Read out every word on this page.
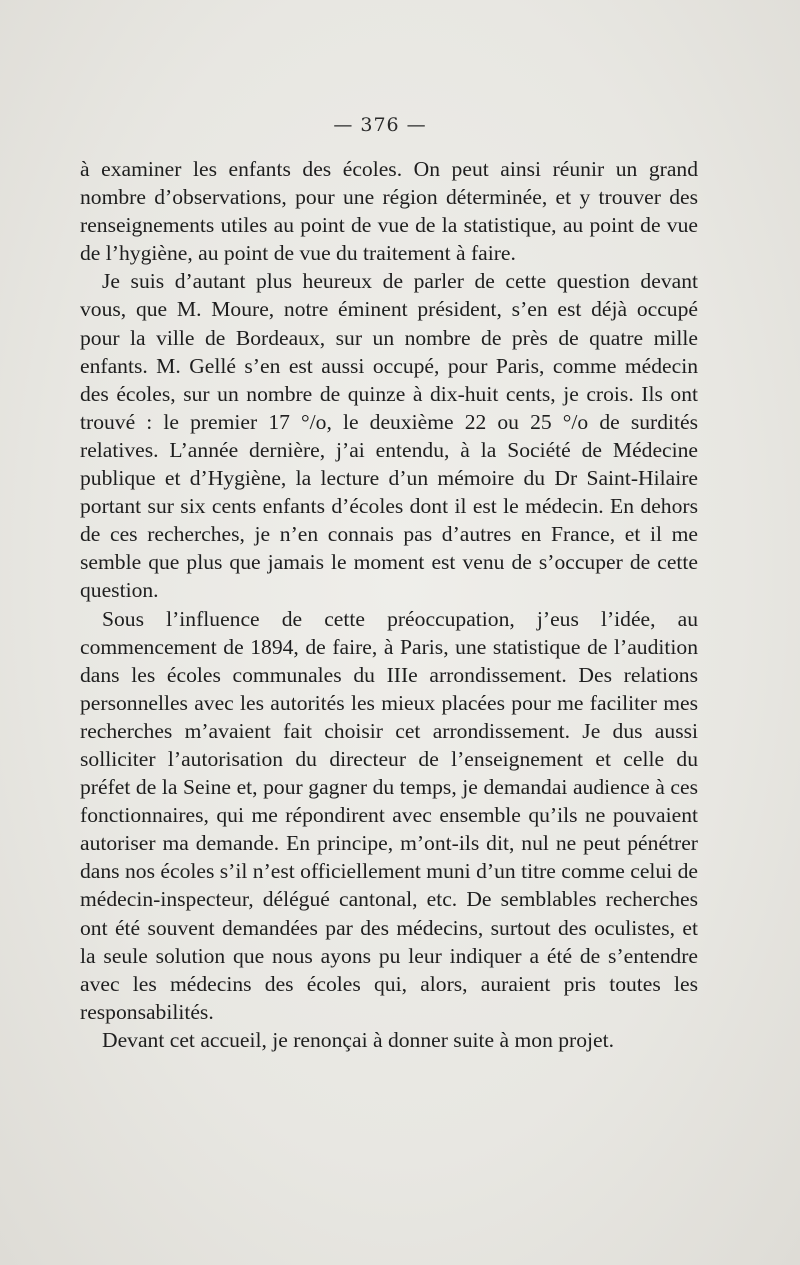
— 376 —

à examiner les enfants des écoles. On peut ainsi réunir un grand nombre d’observations, pour une région déterminée, et y trouver des renseignements utiles au point de vue de la statistique, au point de vue de l’hygiène, au point de vue du traitement à faire.

Je suis d’autant plus heureux de parler de cette question devant vous, que M. Moure, notre éminent président, s’en est déjà occupé pour la ville de Bordeaux, sur un nombre de près de quatre mille enfants. M. Gellé s’en est aussi occupé, pour Paris, comme médecin des écoles, sur un nombre de quinze à dix-huit cents, je crois. Ils ont trouvé : le premier 17 °/o, le deuxième 22 ou 25 °/o de surdités relatives. L’année dernière, j’ai entendu, à la Société de Médecine publique et d’Hygiène, la lecture d’un mémoire du Dr Saint-Hilaire portant sur six cents enfants d’écoles dont il est le médecin. En dehors de ces recherches, je n’en connais pas d’autres en France, et il me semble que plus que jamais le moment est venu de s’occuper de cette question.

Sous l’influence de cette préoccupation, j’eus l’idée, au commencement de 1894, de faire, à Paris, une statistique de l’audition dans les écoles communales du IIIe arrondissement. Des relations personnelles avec les autorités les mieux placées pour me faciliter mes recherches m’avaient fait choisir cet arrondissement. Je dus aussi solliciter l’autorisation du directeur de l’enseignement et celle du préfet de la Seine et, pour gagner du temps, je demandai audience à ces fonctionnaires, qui me répondirent avec ensemble qu’ils ne pouvaient autoriser ma demande. En principe, m’ont-ils dit, nul ne peut pénétrer dans nos écoles s’il n’est officiellement muni d’un titre comme celui de médecin-inspecteur, délégué cantonal, etc. De semblables recherches ont été souvent demandées par des médecins, surtout des oculistes, et la seule solution que nous ayons pu leur indiquer a été de s’entendre avec les médecins des écoles qui, alors, auraient pris toutes les responsabilités.

Devant cet accueil, je renonçai à donner suite à mon projet.
